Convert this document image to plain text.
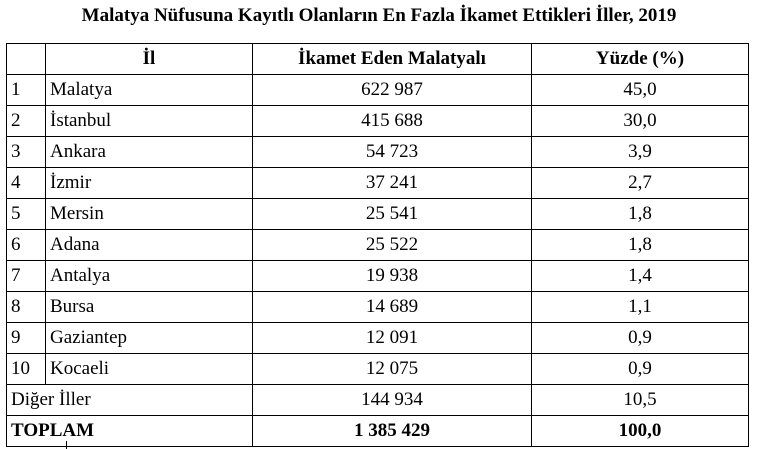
Malatya Nüfusuna Kayıtlı Olanların En Fazla İkamet Ettikleri İller, 2019
	İl	İkamet Eden Malatyalı	Yüzde (%)
1	Malatya	622 987	45,0
2	İstanbul	415 688	30,0
3	Ankara	54 723	3,9
4	İzmir	37 241	2,7
5	Mersin	25 541	1,8
6	Adana	25 522	1,8
7	Antalya	19 938	1,4
8	Bursa	14 689	1,1
9	Gaziantep	12 091	0,9
10	Kocaeli	12 075	0,9
Diğer İller		144 934	10,5
TOPLAM		1 385 429	100,0
